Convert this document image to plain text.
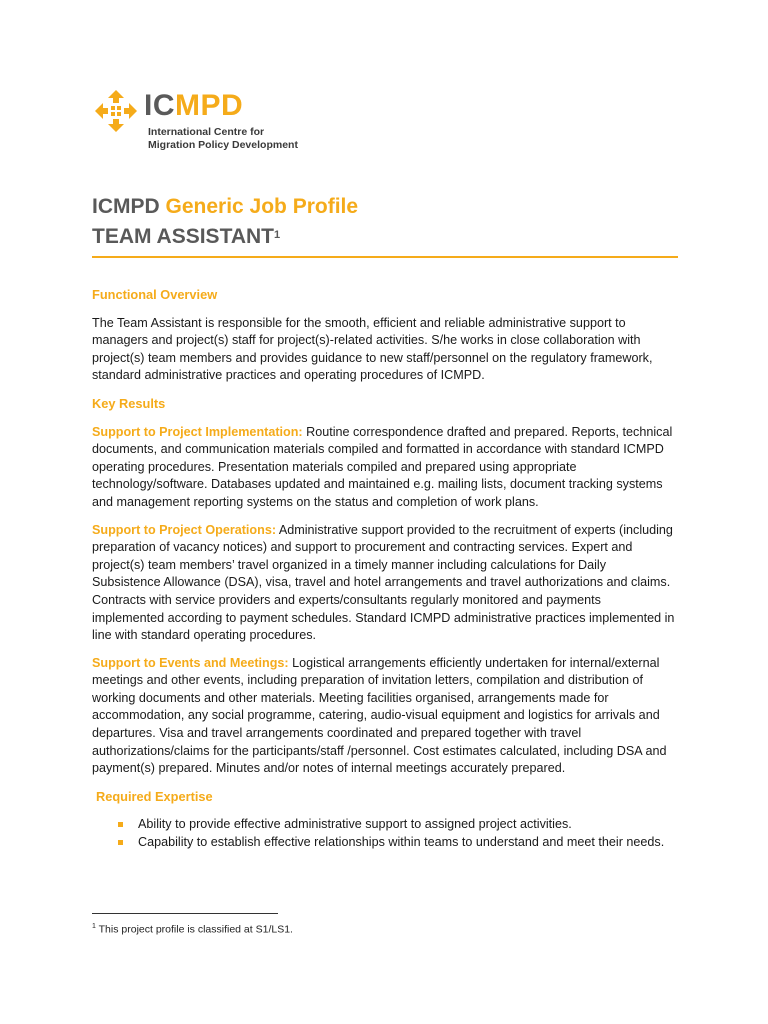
ICMPD
International Centre for
Migration Policy Development
ICMPD Generic Job Profile
TEAM ASSISTANT$^1$
Functional Overview

The Team Assistant is responsible for the smooth, efficient and reliable administrative support to managers and project(s) staff for project(s)-related activities. S/he works in close collaboration with project(s) team members and provides guidance to new staff/personnel on the regulatory framework, standard administrative practices and operating procedures of ICMPD.

Key Results

Support to Project Implementation: Routine correspondence drafted and prepared. Reports, technical documents, and communication materials compiled and formatted in accordance with standard ICMPD operating procedures. Presentation materials compiled and prepared using appropriate technology/software. Databases updated and maintained e.g. mailing lists, document tracking systems and management reporting systems on the status and completion of work plans.

Support to Project Operations: Administrative support provided to the recruitment of experts (including preparation of vacancy notices) and support to procurement and contracting services. Expert and project(s) team members’ travel organized in a timely manner including calculations for Daily Subsistence Allowance (DSA), visa, travel and hotel arrangements and travel authorizations and claims. Contracts with service providers and experts/consultants regularly monitored and payments implemented according to payment schedules. Standard ICMPD administrative practices implemented in line with standard operating procedures.

Support to Events and Meetings: Logistical arrangements efficiently undertaken for internal/external meetings and other events, including preparation of invitation letters, compilation and distribution of working documents and other materials. Meeting facilities organised, arrangements made for accommodation, any social programme, catering, audio-visual equipment and logistics for arrivals and departures. Visa and travel arrangements coordinated and prepared together with travel authorizations/claims for the participants/staff /personnel. Cost estimates calculated, including DSA and payment(s) prepared. Minutes and/or notes of internal meetings accurately prepared.

Required Expertise
Ability to provide effective administrative support to assigned project activities.
Capability to establish effective relationships within teams to understand and meet their needs.
$^1$ This project profile is classified at S1/LS1.
